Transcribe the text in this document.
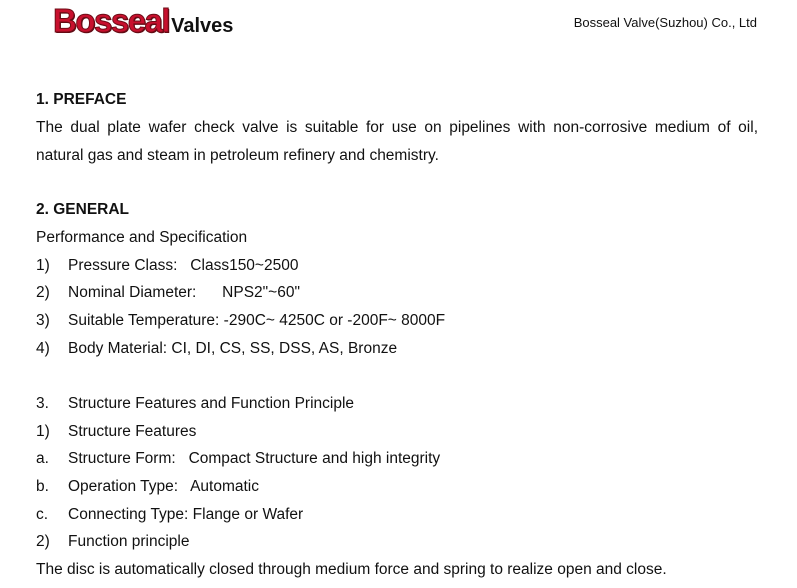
Bosseal Valves	Bosseal Valve(Suzhou) Co., Ltd
1. PREFACE
The dual plate wafer check valve is suitable for use on pipelines with non-corrosive medium of oil,
natural gas and steam in petroleum refinery and chemistry.
2. GENERAL
Performance and Specification
1)	Pressure Class:   Class150~2500
2)	Nominal Diameter:      NPS2"~60"
3)	Suitable Temperature: -290C~ 4250C or -200F~ 8000F
4)	Body Material: CI, DI, CS, SS, DSS, AS, Bronze
3.	Structure Features and Function Principle
1)	Structure Features
a.	Structure Form:   Compact Structure and high integrity
b.	Operation Type:   Automatic
c.	Connecting Type: Flange or Wafer
2)	Function principle
The disc is automatically closed through medium force and spring to realize open and close.
